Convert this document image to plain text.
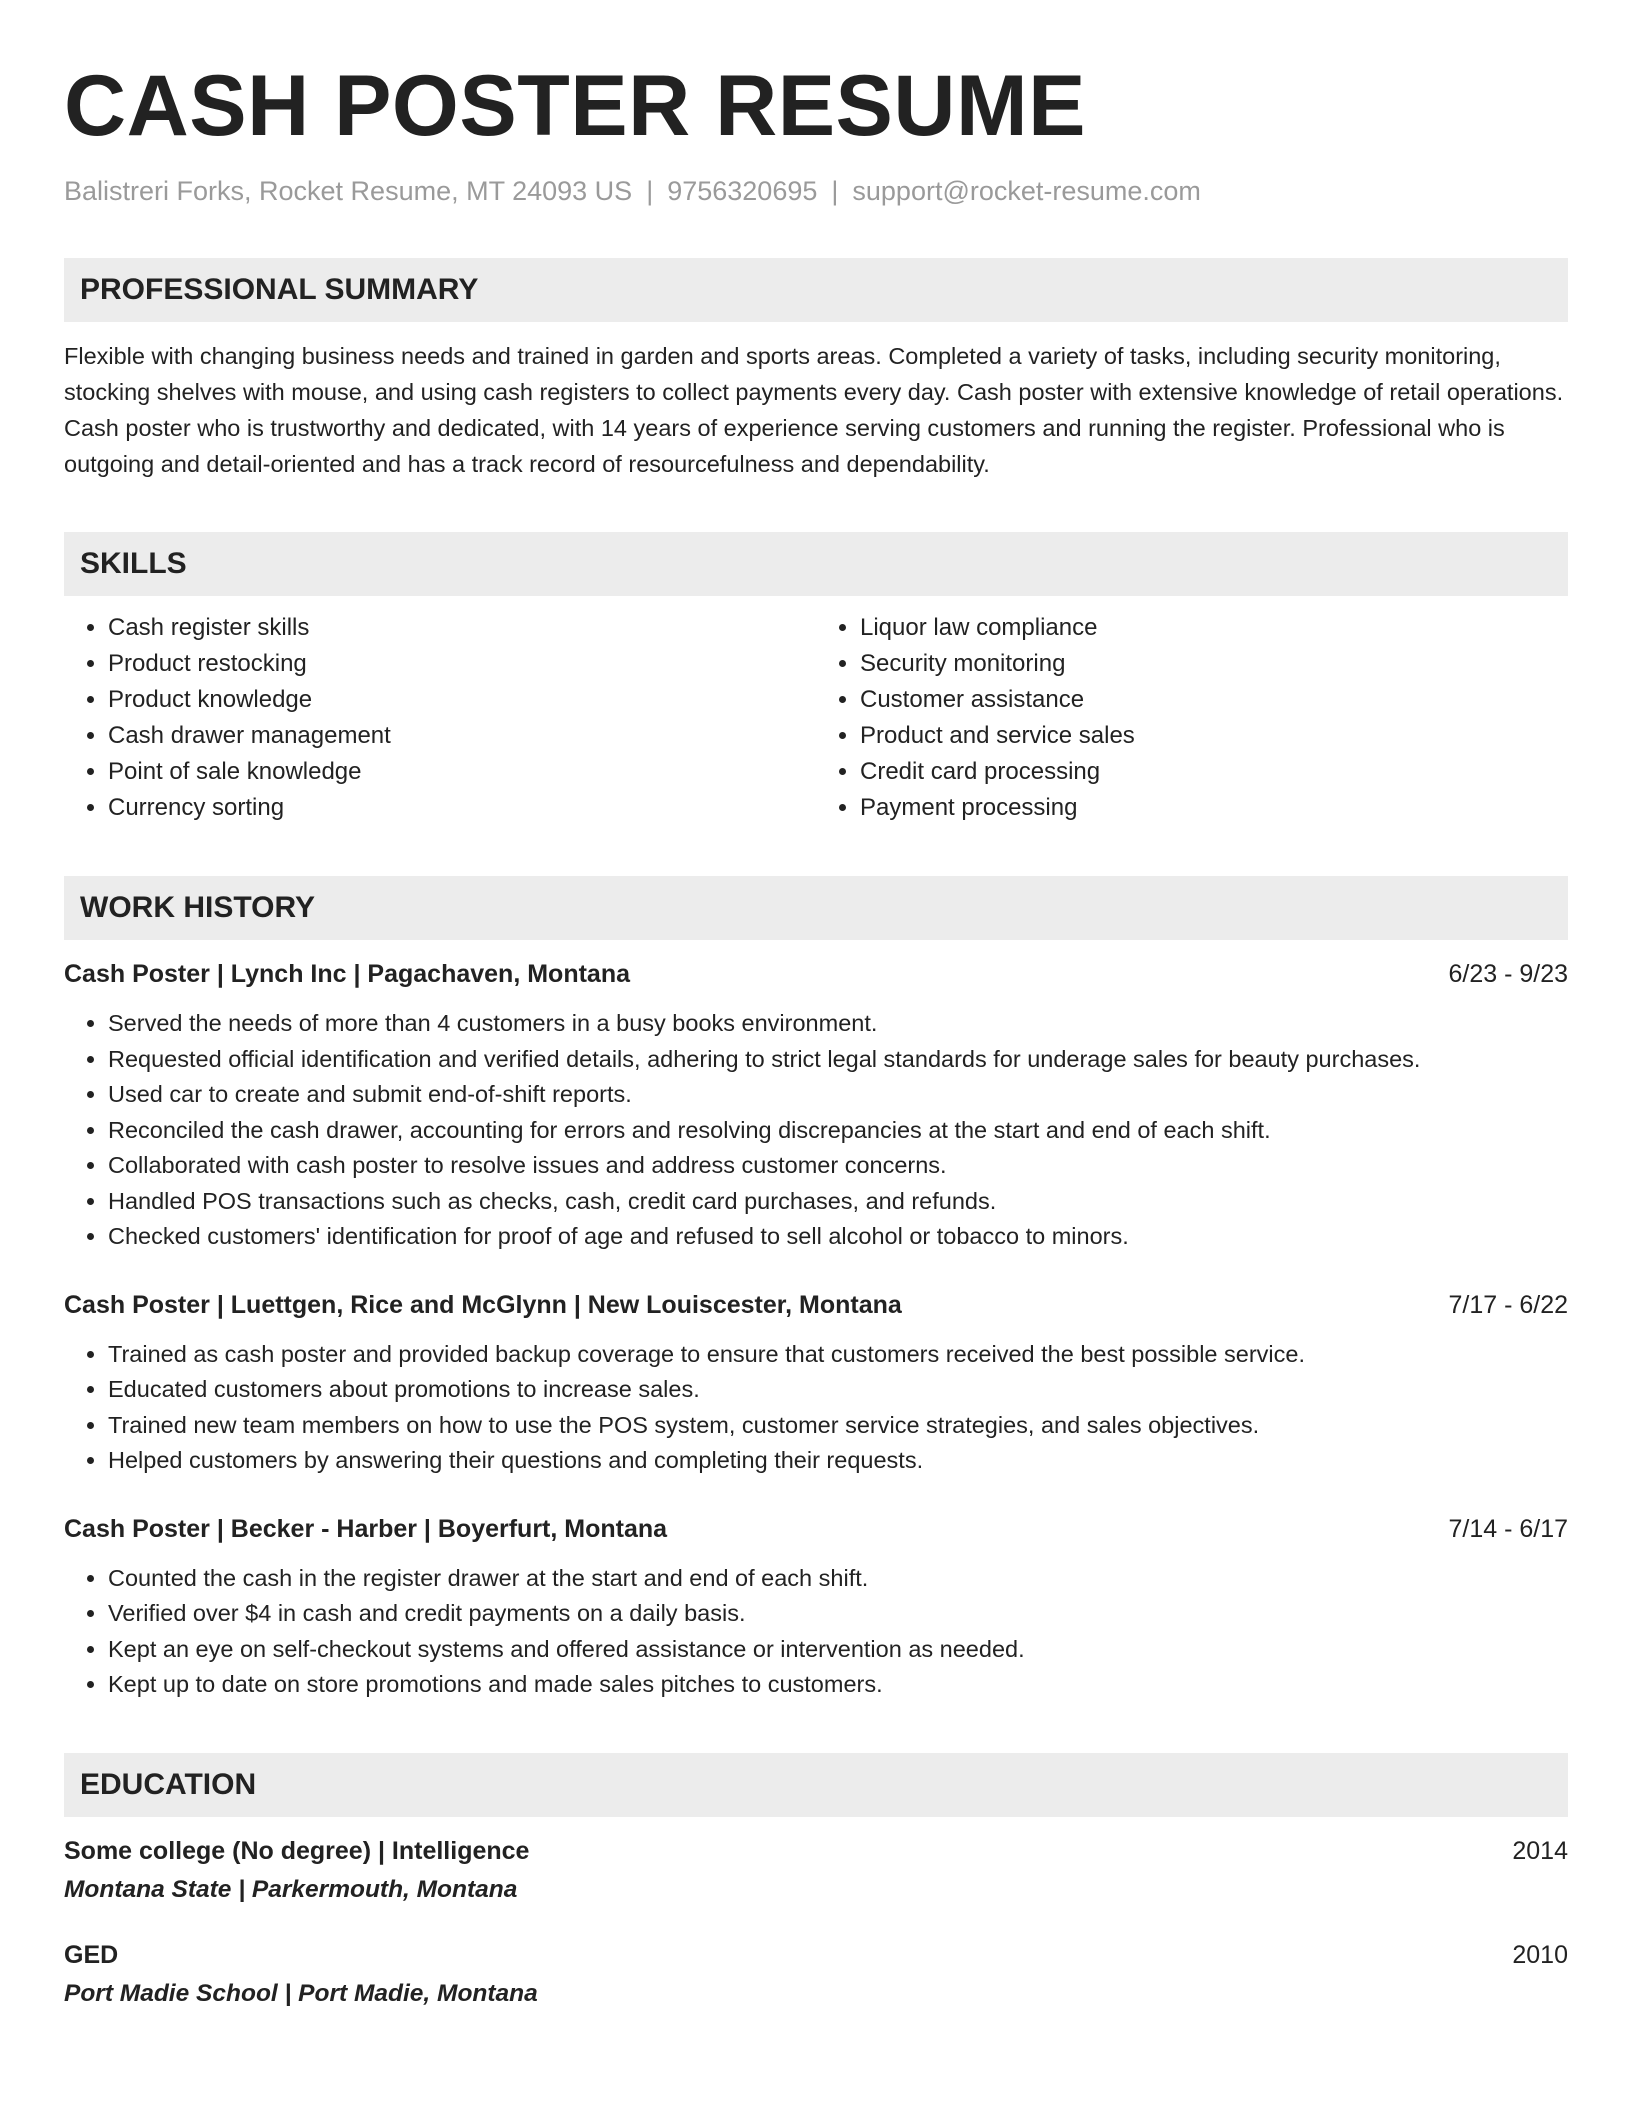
CASH POSTER RESUME
Balistreri Forks, Rocket Resume, MT 24093 US | 9756320695 | support@rocket-resume.com
PROFESSIONAL SUMMARY
Flexible with changing business needs and trained in garden and sports areas. Completed a variety of tasks, including security monitoring, stocking shelves with mouse, and using cash registers to collect payments every day. Cash poster with extensive knowledge of retail operations. Cash poster who is trustworthy and dedicated, with 14 years of experience serving customers and running the register. Professional who is outgoing and detail-oriented and has a track record of resourcefulness and dependability.
SKILLS
• Cash register skills
• Product restocking
• Product knowledge
• Cash drawer management
• Point of sale knowledge
• Currency sorting
• Liquor law compliance
• Security monitoring
• Customer assistance
• Product and service sales
• Credit card processing
• Payment processing
WORK HISTORY
Cash Poster | Lynch Inc | Pagachaven, Montana	6/23 - 9/23
• Served the needs of more than 4 customers in a busy books environment.
• Requested official identification and verified details, adhering to strict legal standards for underage sales for beauty purchases.
• Used car to create and submit end-of-shift reports.
• Reconciled the cash drawer, accounting for errors and resolving discrepancies at the start and end of each shift.
• Collaborated with cash poster to resolve issues and address customer concerns.
• Handled POS transactions such as checks, cash, credit card purchases, and refunds.
• Checked customers' identification for proof of age and refused to sell alcohol or tobacco to minors.
Cash Poster | Luettgen, Rice and McGlynn | New Louiscester, Montana	7/17 - 6/22
• Trained as cash poster and provided backup coverage to ensure that customers received the best possible service.
• Educated customers about promotions to increase sales.
• Trained new team members on how to use the POS system, customer service strategies, and sales objectives.
• Helped customers by answering their questions and completing their requests.
Cash Poster | Becker - Harber | Boyerfurt, Montana	7/14 - 6/17
• Counted the cash in the register drawer at the start and end of each shift.
• Verified over $4 in cash and credit payments on a daily basis.
• Kept an eye on self-checkout systems and offered assistance or intervention as needed.
• Kept up to date on store promotions and made sales pitches to customers.
EDUCATION
Some college (No degree) | Intelligence	2014
Montana State | Parkermouth, Montana
GED	2010
Port Madie School | Port Madie, Montana
